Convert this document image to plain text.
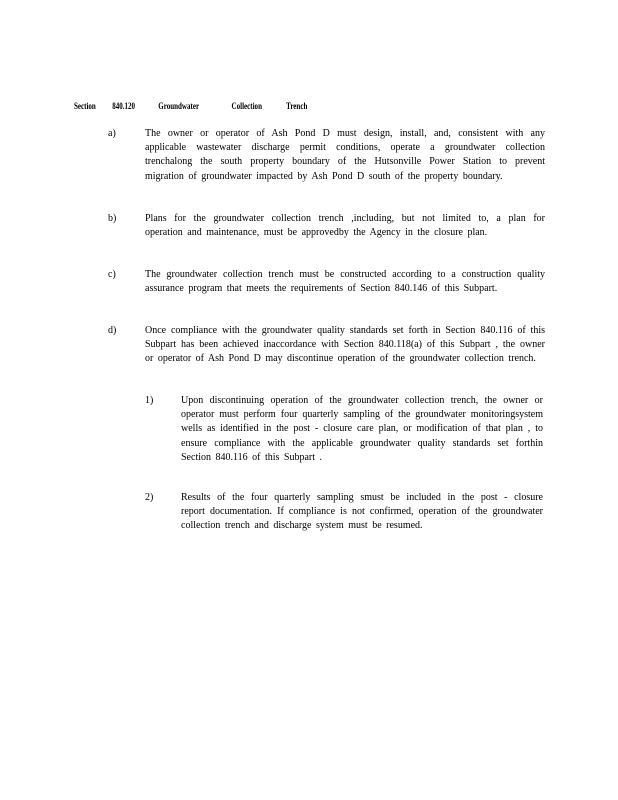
Section 840.120	Groundwater	Collection	Trench
a)	The owner or operator of Ash Pond D must design, install, and, consistent with any applicable wastewater discharge permit conditions, operate a groundwater collection trenchalong the south property boundary of the Hutsonville Power Station to prevent migration of groundwater impacted by Ash Pond D south of the property boundary.
b)	Plans for the groundwater collection trench ,including, but not limited to, a plan for operation and maintenance, must be approvedby the Agency in the closure plan.
c)	The groundwater collection trench must be constructed according to a construction quality assurance program that meets the requirements of Section 840.146 of this Subpart.
d)	Once compliance with the groundwater quality standards set forth in Section 840.116 of this Subpart has been achieved inaccordance with Section 840.118(a) of this Subpart , the owner or operator of Ash Pond D may discontinue operation of the groundwater collection trench.
1)	Upon discontinuing operation of the groundwater collection trench, the owner or operator must perform four quarterly sampling of the groundwater monitoringsystem wells as identified in the post - closure care plan, or modification of that plan , to ensure compliance with the applicable groundwater quality standards set forthin Section 840.116 of this Subpart .
2)	Results of the four quarterly sampling smust be included in the post - closure report documentation. If compliance is not confirmed, operation of the groundwater collection trench and discharge system must be resumed.
